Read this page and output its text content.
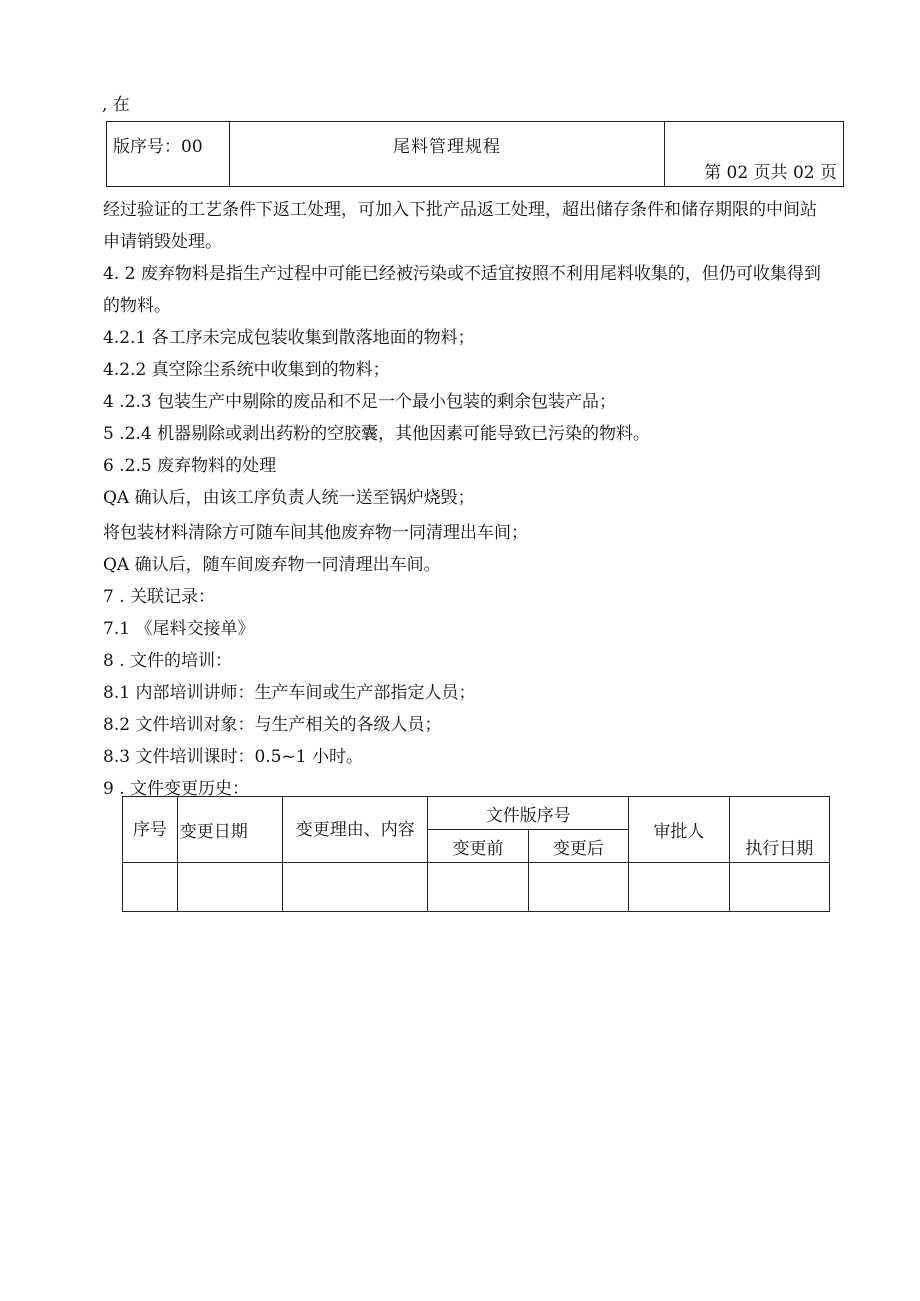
, 在
版序号：00	尾料管理规程	第 02 页共 02 页

经过验证的工艺条件下返工处理，可加入下批产品返工处理，超出储存条件和储存期限的中间站申请销毁处理。

4. 2 废弃物料是指生产过程中可能已经被污染或不适宜按照不利用尾料收集的，但仍可收集得到的物料。

4.2.1 各工序未完成包装收集到散落地面的物料；

4.2.2 真空除尘系统中收集到的物料；

4 .2.3 包装生产中剔除的废品和不足一个最小包装的剩余包装产品；

5 .2.4 机器剔除或剥出药粉的空胶囊，其他因素可能导致已污染的物料。

6 .2.5 废弃物料的处理

QA 确认后，由该工序负责人统一送至锅炉烧毁；

将包装材料清除方可随车间其他废弃物一同清理出车间；

QA 确认后，随车间废弃物一同清理出车间。

7 . 关联记录：

7.1 《尾料交接单》

8 . 文件的培训：

8.1 内部培训讲师：生产车间或生产部指定人员；

8.2 文件培训对象：与生产相关的各级人员；

8.3 文件培训课时：0.5~1 小时。

9 . 文件变更历史：

序号	变更日期	变更理由、内容	文件版序号		审批人	执行日期
			变更前	变更后		
